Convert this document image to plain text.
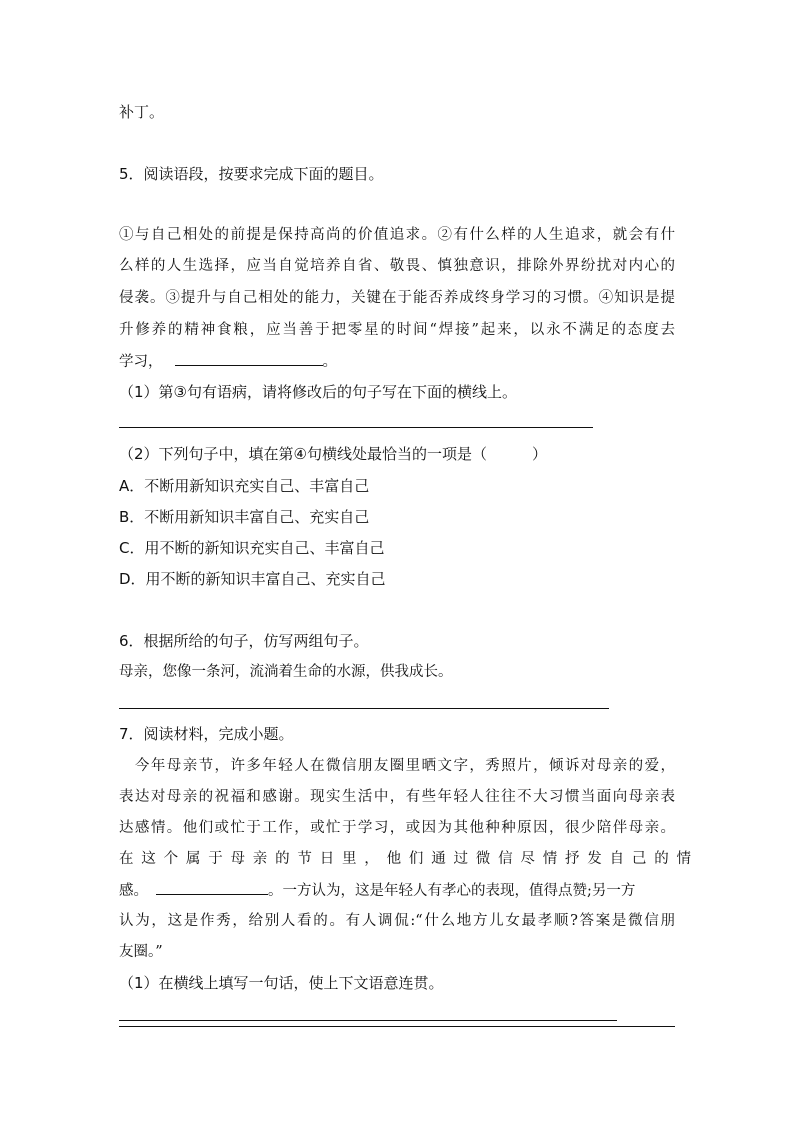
补丁。
5．阅读语段，按要求完成下面的题目。
①与自己相处的前提是保持高尚的价值追求。②有什么样的人生追求，就会有什
么样的人生选择，应当自觉培养自省、敬畏、慎独意识，排除外界纷扰对内心的
侵袭。③提升与自己相处的能力，关键在于能否养成终身学习的习惯。④知识是提
升修养的精神食粮，应当善于把零星的时间“焊接”起来，以永不满足的态度去
学习，	。
（1）第③句有语病，请将修改后的句子写在下面的横线上。
（2）下列句子中，填在第④句横线处最恰当的一项是（　　　）
A．不断用新知识充实自己、丰富自己
B．不断用新知识丰富自己、充实自己
C．用不断的新知识充实自己、丰富自己
D．用不断的新知识丰富自己、充实自己
6．根据所给的句子，仿写两组句子。
母亲，您像一条河，流淌着生命的水源，供我成长。
7．阅读材料，完成小题。
　今年母亲节，许多年轻人在微信朋友圈里晒文字，秀照片，倾诉对母亲的爱，
表达对母亲的祝福和感谢。现实生活中，有些年轻人往往不大习惯当面向母亲表
达感情。他们或忙于工作，或忙于学习，或因为其他种种原因，很少陪伴母亲。
在这个属于母亲的节日里，他们通过微信尽情抒发自己的情
感。	。一方认为，这是年轻人有孝心的表现，值得点赞;另一方
认为，这是作秀，给别人看的。有人调侃:“什么地方儿女最孝顺?答案是微信朋
友圈。”
（1）在横线上填写一句话，使上下文语意连贯。
